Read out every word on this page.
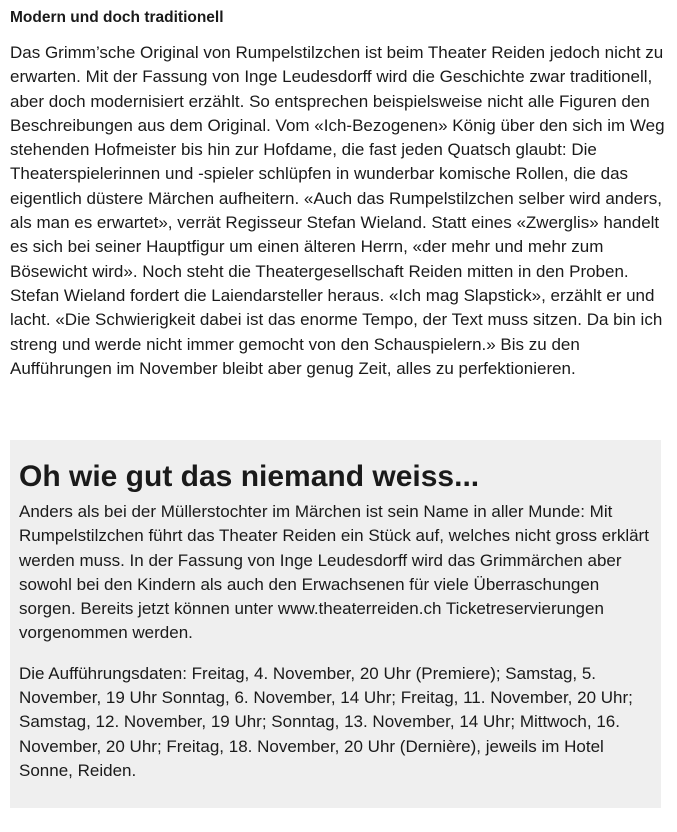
Modern und doch traditionell

Das Grimm’sche Original von Rumpelstilzchen ist beim Theater Reiden jedoch nicht zu erwarten. Mit der Fassung von Inge Leudesdorff wird die Geschichte zwar traditionell, aber doch modernisiert erzählt. So entsprechen beispielsweise nicht alle Figuren den Beschreibungen aus dem Original. Vom «Ich-Bezogenen» König über den sich im Weg stehenden Hofmeister bis hin zur Hofdame, die fast jeden Quatsch glaubt: Die Theaterspielerinnen und -spieler schlüpfen in wunderbar komische Rollen, die das eigentlich düstere Märchen aufheitern. «Auch das Rumpelstilzchen selber wird anders, als man es erwartet», verrät Regisseur Stefan Wieland. Statt eines «Zwerglis» handelt es sich bei seiner Hauptfigur um einen älteren Herrn, «der mehr und mehr zum Bösewicht wird». Noch steht die Theatergesellschaft Reiden mitten in den Proben. Stefan Wieland fordert die Laiendarsteller heraus. «Ich mag Slapstick», erzählt er und lacht. «Die Schwierigkeit dabei ist das enorme Tempo, der Text muss sitzen. Da bin ich streng und werde nicht immer gemocht von den Schauspielern.» Bis zu den Aufführungen im November bleibt aber genug Zeit, alles zu perfektionieren.

Oh wie gut das niemand weiss...

Anders als bei der Müllerstochter im Märchen ist sein Name in aller Munde: Mit Rumpelstilzchen führt das Theater Reiden ein Stück auf, welches nicht gross erklärt werden muss. In der Fassung von Inge Leudesdorff wird das Grimmärchen aber sowohl bei den Kindern als auch den Erwachsenen für viele Überraschungen sorgen. Bereits jetzt können unter www.theaterreiden.ch Ticketreservierungen vorgenommen werden.

Die Aufführungsdaten: Freitag, 4. November, 20 Uhr (Premiere); Samstag, 5. November, 19 Uhr Sonntag, 6. November, 14 Uhr; Freitag, 11. November, 20 Uhr; Samstag, 12. November, 19 Uhr; Sonntag, 13. November, 14 Uhr; Mittwoch, 16. November, 20 Uhr; Freitag, 18. November, 20 Uhr (Dernière), jeweils im Hotel Sonne, Reiden.
